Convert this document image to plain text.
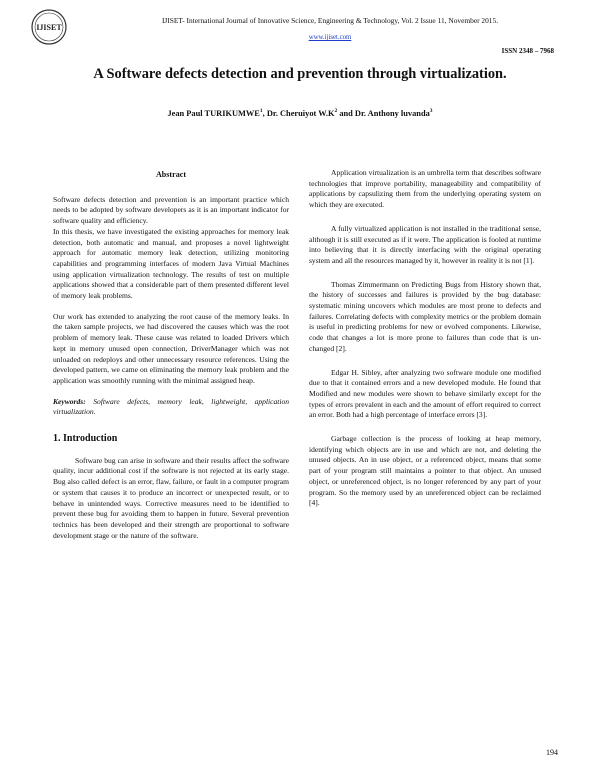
IJISET
IJISET- International Journal of Innovative Science, Engineering & Technology, Vol. 2 Issue 11, November 2015.
www.ijiset.com
ISSN 2348 – 7968
A Software defects detection and prevention through virtualization.
Jean Paul TURIKUMWE$^1$, Dr. Cheruiyot $W.K^2$ and Dr. Anthony luvanda$^3$

Abstract

Software defects detection and prevention is an important practice which needs to be adopted by software developers as it is an important indicator for software quality and efficiency.

In this thesis, we have investigated the existing approaches for memory leak detection, both automatic and manual, and proposes a novel lightweight approach for automatic memory leak detection, utilizing monitoring capabilities and programming interfaces of modern Java Virtual Machines using application virtualization technology. The results of test on multiple applications showed that a considerable part of them presented different level of memory leak problems.

Our work has extended to analyzing the root cause of the memory leaks. In the taken sample projects, we had discovered the causes which was the root problem of memory leak. These cause was related to loaded Drivers which kept in memory unused open connection, DriverManager which was not unloaded on redeploys and other unnecessary resource references. Using the developed pattern, we came on eliminating the memory leak problem and the application was smoothly running with the minimal assigned heap.

Keywords: Software defects, memory leak, lightweight, application virtualization.

1. Introduction

Software bug can arise in software and their results affect the software quality, incur additional cost if the software is not rejected at its early stage. Bug also called defect is an error, flaw, failure, or fault in a computer program or system that causes it to produce an incorrect or unexpected result, or to behave in unintended ways. Corrective measures need to be identified to prevent these bug for avoiding them to happen in future. Several prevention technics has been developed and their strength are proportional to software development stage or the nature of the software.

Application virtualization is an umbrella term that describes software technologies that improve portability, manageability and compatibility of applications by capsulizing them from the underlying operating system on which they are executed.

A fully virtualized application is not installed in the traditional sense, although it is still executed as if it were. The application is fooled at runtime into believing that it is directly interfacing with the original operating system and all the resources managed by it, however in reality it is not [1].

Thomas Zimmermann on Predicting Bugs from History shown that, the history of successes and failures is provided by the bug database: systematic mining uncovers which modules are most prone to defects and failures. Correlating defects with complexity metrics or the problem domain is useful in predicting problems for new or evolved components. Likewise, code that changes a lot is more prone to failures than code that is un-changed [2].

Edgar H. Sibley, after analyzing two software module one modified due to that it contained errors and a new developed module. He found that Modified and new modules were shown to behave similarly except for the types of errors prevalent in each and the amount of effort required to correct an error. Both had a high percentage of interface errors [3].

Garbage collection is the process of looking at heap memory, identifying which objects are in use and which are not, and deleting the unused objects. An in use object, or a referenced object, means that some part of your program still maintains a pointer to that object. An unused object, or unreferenced object, is no longer referenced by any part of your program. So the memory used by an unreferenced object can be reclaimed [4].

194
